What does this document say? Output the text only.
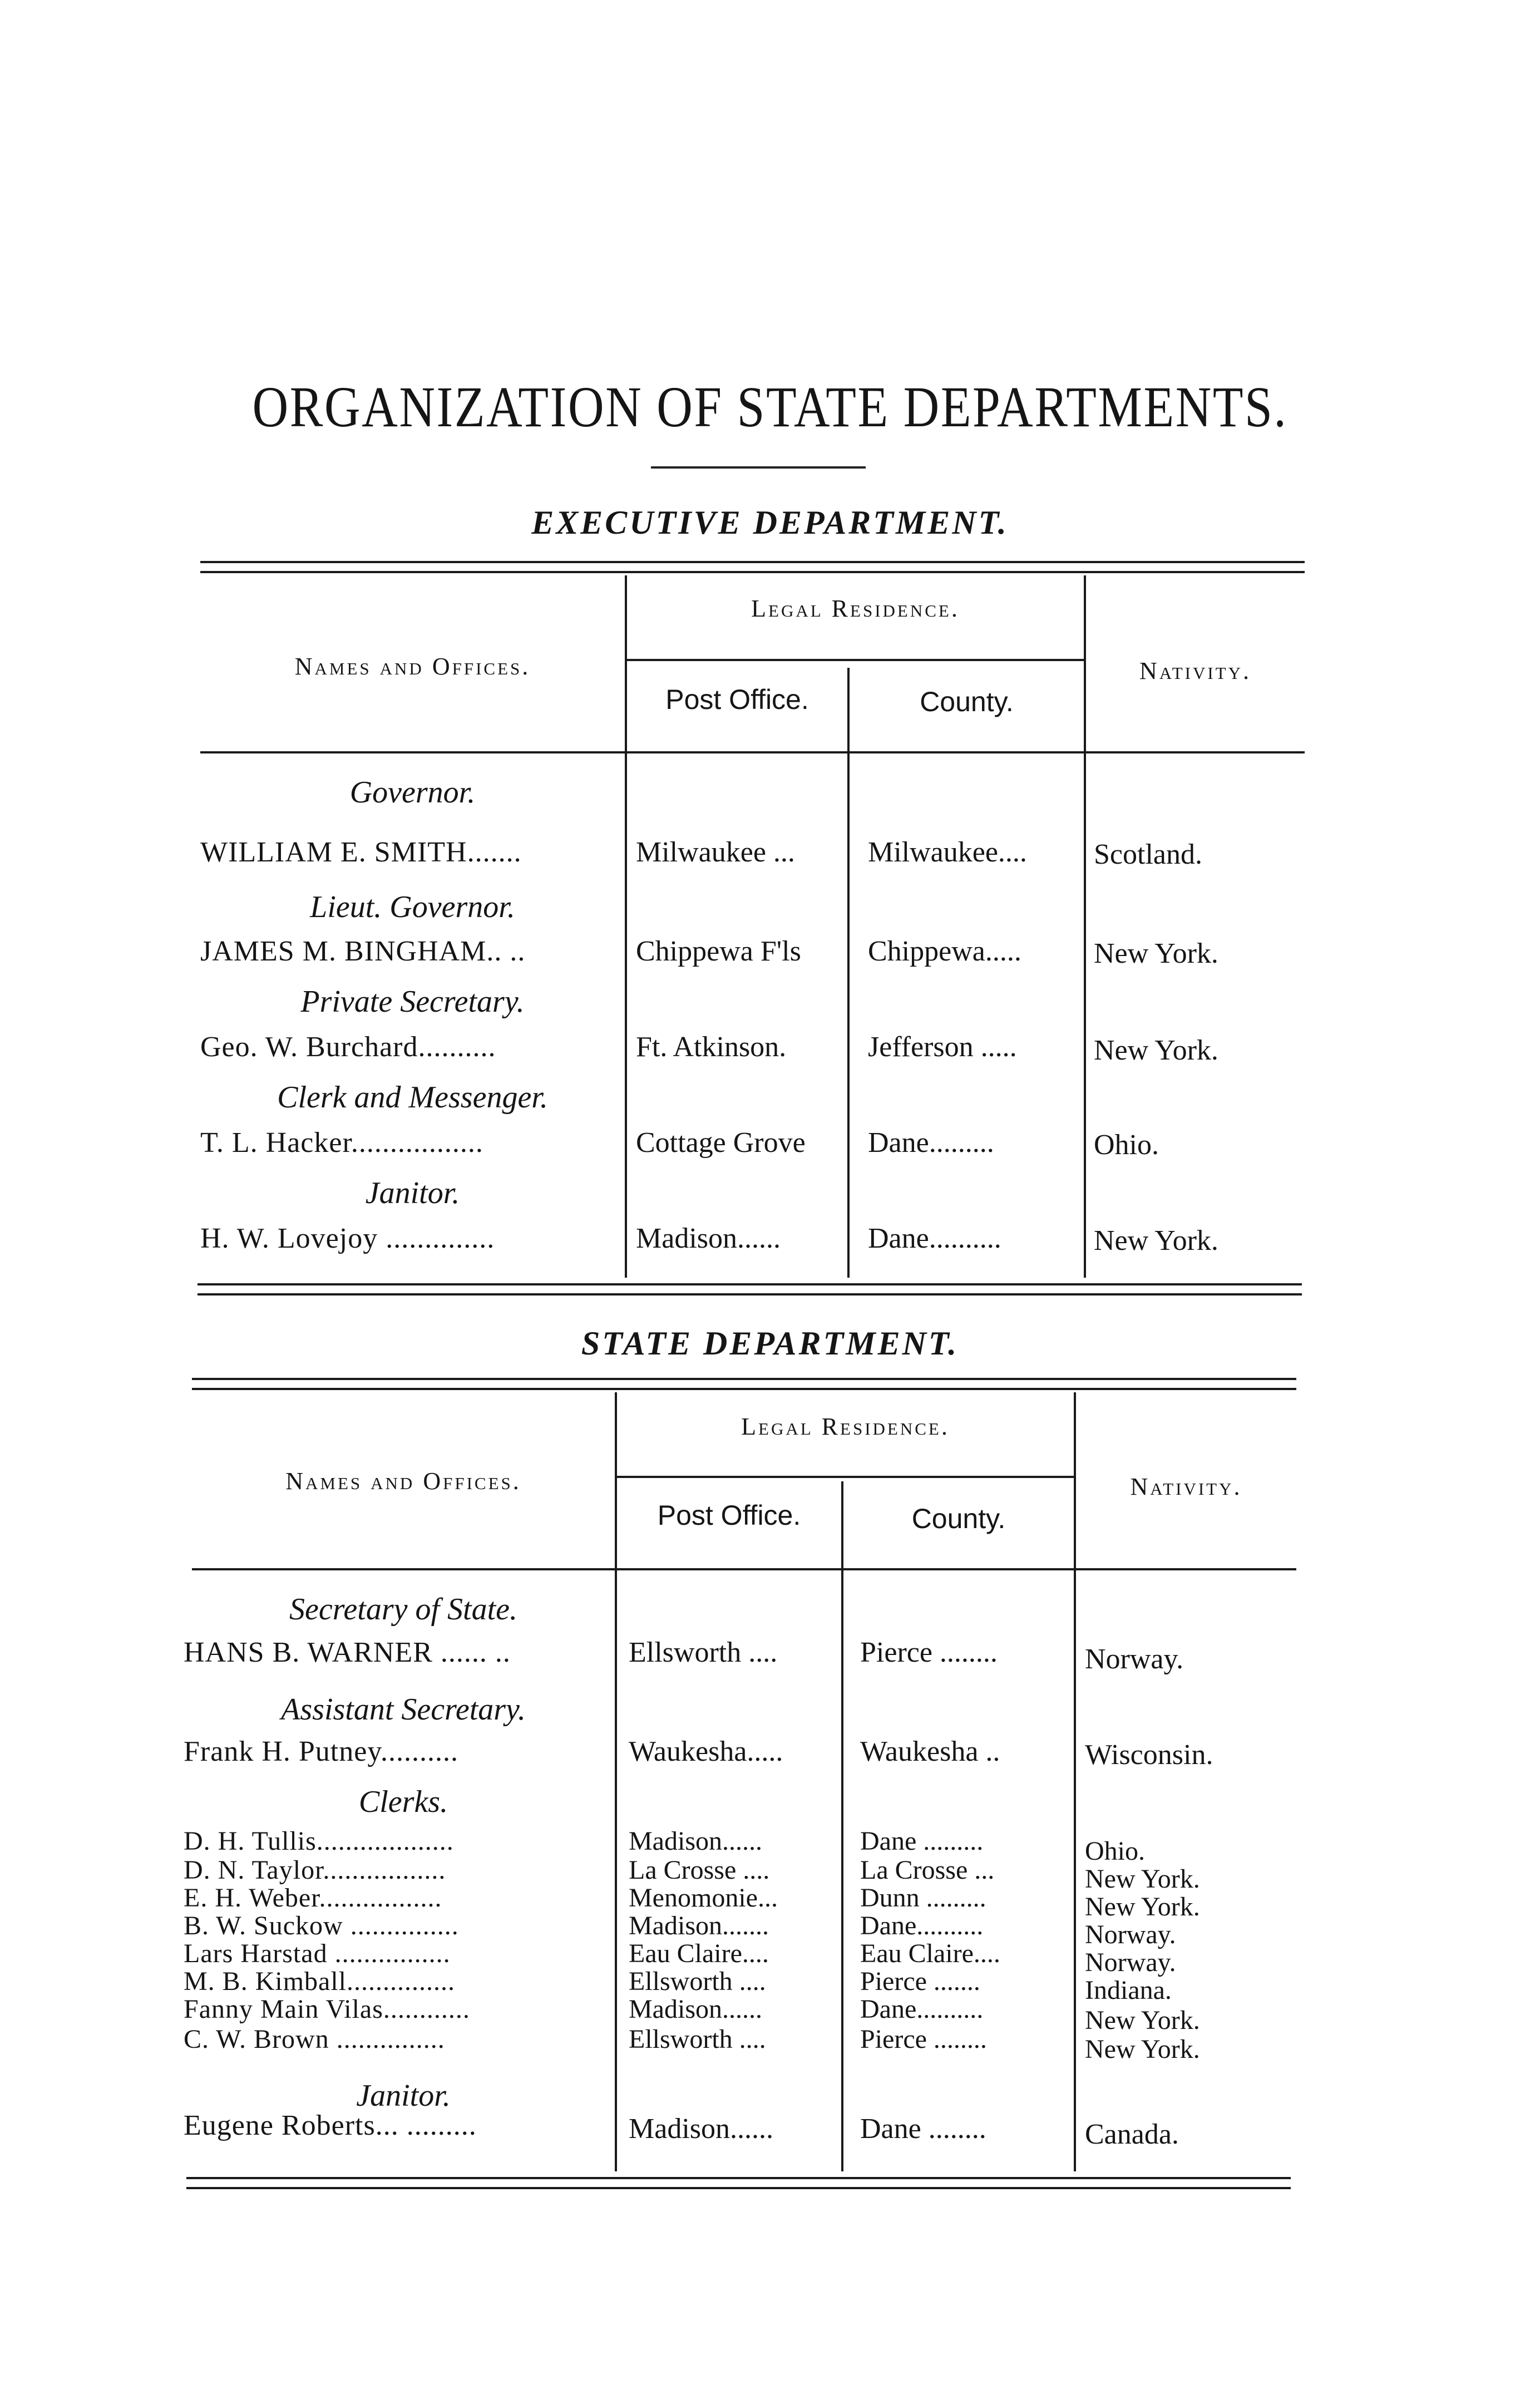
ORGANIZATION OF STATE DEPARTMENTS.
EXECUTIVE DEPARTMENT.
Legal Residence.
Names and Offices.
Post Office.	County.
Nativity.
Governor.
WILLIAM E. SMITH.......	Milwaukee ...	Milwaukee....	Scotland.
Lieut. Governor.
JAMES M. BINGHAM.. ..	Chippewa F'ls	Chippewa.....	New York.
Private Secretary.
Geo. W. Burchard..........	Ft. Atkinson.	Jefferson .....	New York.
Clerk and Messenger.
T. L. Hacker.................	Cottage Grove	Dane.........	Ohio.
Janitor.
H. W. Lovejoy ..............	Madison......	Dane..........	New York.
STATE DEPARTMENT.
Legal Residence.
Names and Offices.
Post Office.	County.
Nativity.
Secretary of State.
HANS B. WARNER ...... ..	Ellsworth ....	Pierce ........	Norway.
Assistant Secretary.
Frank H. Putney..........	Waukesha.....	Waukesha ..	Wisconsin.
Clerks.
D. H. Tullis...................	Madison......	Dane .........	Ohio.
D. N. Taylor.................	La Crosse ....	La Crosse ...	New York.
E. H. Weber.................	Menomonie...	Dunn .........	New York.
B. W. Suckow ...............	Madison.......	Dane..........	Norway.
Lars Harstad ................	Eau Claire....	Eau Claire....	Norway.
M. B. Kimball...............	Ellsworth ....	Pierce .......	Indiana.
Fanny Main Vilas............	Madison......	Dane..........	New York.
C. W. Brown ...............	Ellsworth ....	Pierce ........	New York.
Janitor.
Eugene Roberts... .........	Madison......	Dane ........	Canada.
